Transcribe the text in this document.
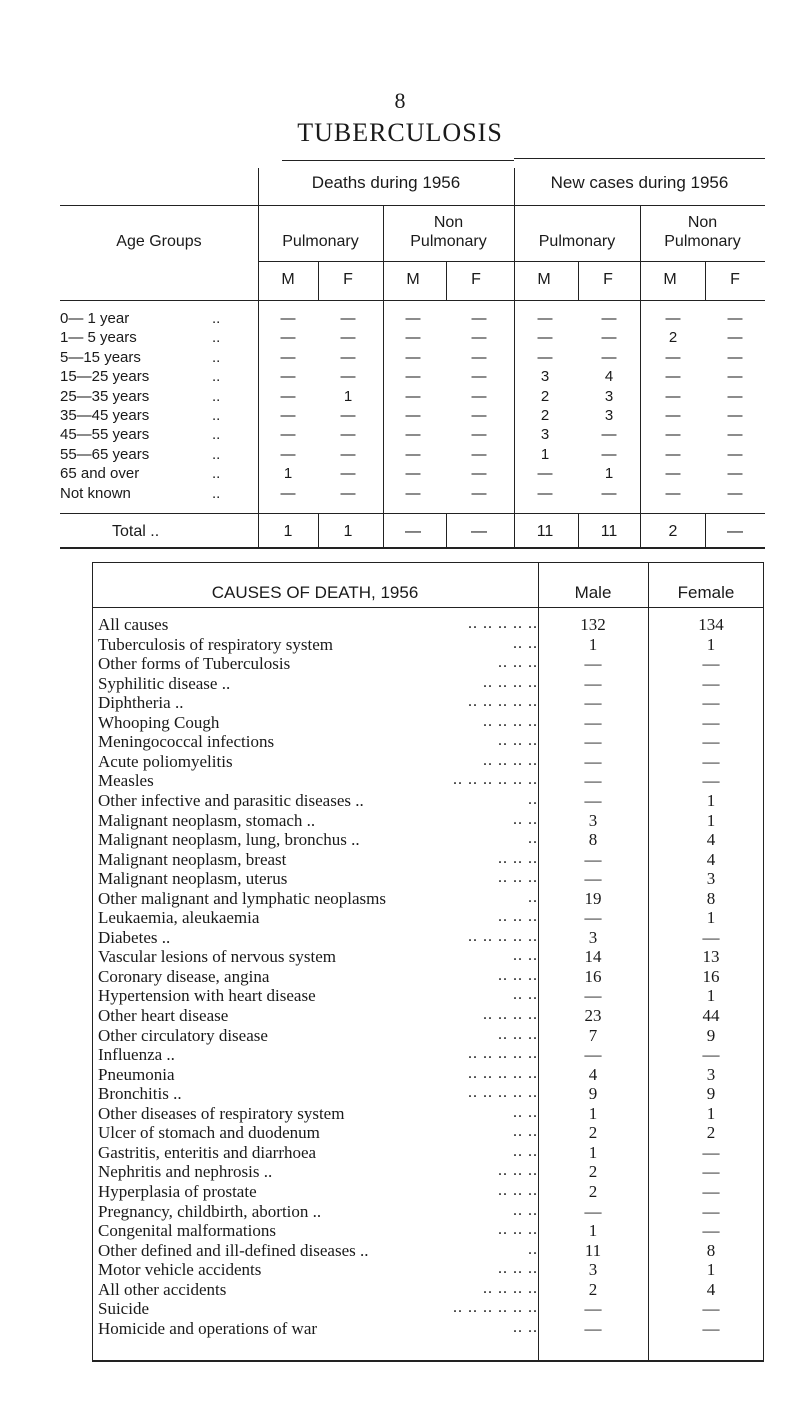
8
TUBERCULOSIS
Deaths during 1956	New cases during 1956
Age Groups	Pulmonary
Non
Pulmonary	Pulmonary
Non
Pulmonary
M	F	M	F	M	F	M	F
0— 1 year	..	—	—	—	—	—	—	—	—
1— 5 years	..	—	—	—	—	—	—	2	—
5—15 years	..	—	—	—	—	—	—	—	—
15—25 years	..	—	—	—	—	3	4	—	—
25—35 years	..	—	1	—	—	2	3	—	—
35—45 years	..	—	—	—	—	2	3	—	—
45—55 years	..	—	—	—	—	3	—	—	—
55—65 years	..	—	—	—	—	1	—	—	—
65 and over	..	1	—	—	—	—	1	—	—
Not known	..	—	—	—	—	—	—	—	—
Total ..	1	1	—	—	11	11	2	—
CAUSES OF DEATH, 1956	Male	Female
All causes	.. .. .. .. ..	132	134
Tuberculosis of respiratory system	.. ..	1	1
Other forms of Tuberculosis	.. .. ..	—	—
Syphilitic disease ..	.. .. .. ..	—	—
Diphtheria ..	.. .. .. .. ..	—	—
Whooping Cough	.. .. .. ..	—	—
Meningococcal infections	.. .. ..	—	—
Acute poliomyelitis	.. .. .. ..	—	—
Measles	.. .. .. .. .. ..	—	—
Other infective and parasitic diseases ..	..	—	1
Malignant neoplasm, stomach ..	.. ..	3	1
Malignant neoplasm, lung, bronchus ..	..	8	4
Malignant neoplasm, breast	.. .. ..	—	4
Malignant neoplasm, uterus	.. .. ..	—	3
Other malignant and lymphatic neoplasms	..	19	8
Leukaemia, aleukaemia	.. .. ..	—	1
Diabetes ..	.. .. .. .. ..	3	—
Vascular lesions of nervous system	.. ..	14	13
Coronary disease, angina	.. .. ..	16	16
Hypertension with heart disease	.. ..	—	1
Other heart disease	.. .. .. ..	23	44
Other circulatory disease	.. .. ..	7	9
Influenza ..	.. .. .. .. ..	—	—
Pneumonia	.. .. .. .. ..	4	3
Bronchitis ..	.. .. .. .. ..	9	9
Other diseases of respiratory system	.. ..	1	1
Ulcer of stomach and duodenum	.. ..	2	2
Gastritis, enteritis and diarrhoea	.. ..	1	—
Nephritis and nephrosis ..	.. .. ..	2	—
Hyperplasia of prostate	.. .. ..	2	—
Pregnancy, childbirth, abortion ..	.. ..	—	—
Congenital malformations	.. .. ..	1	—
Other defined and ill-defined diseases ..	..	11	8
Motor vehicle accidents	.. .. ..	3	1
All other accidents	.. .. .. ..	2	4
Suicide	.. .. .. .. .. ..	—	—
Homicide and operations of war	.. ..	—	—
